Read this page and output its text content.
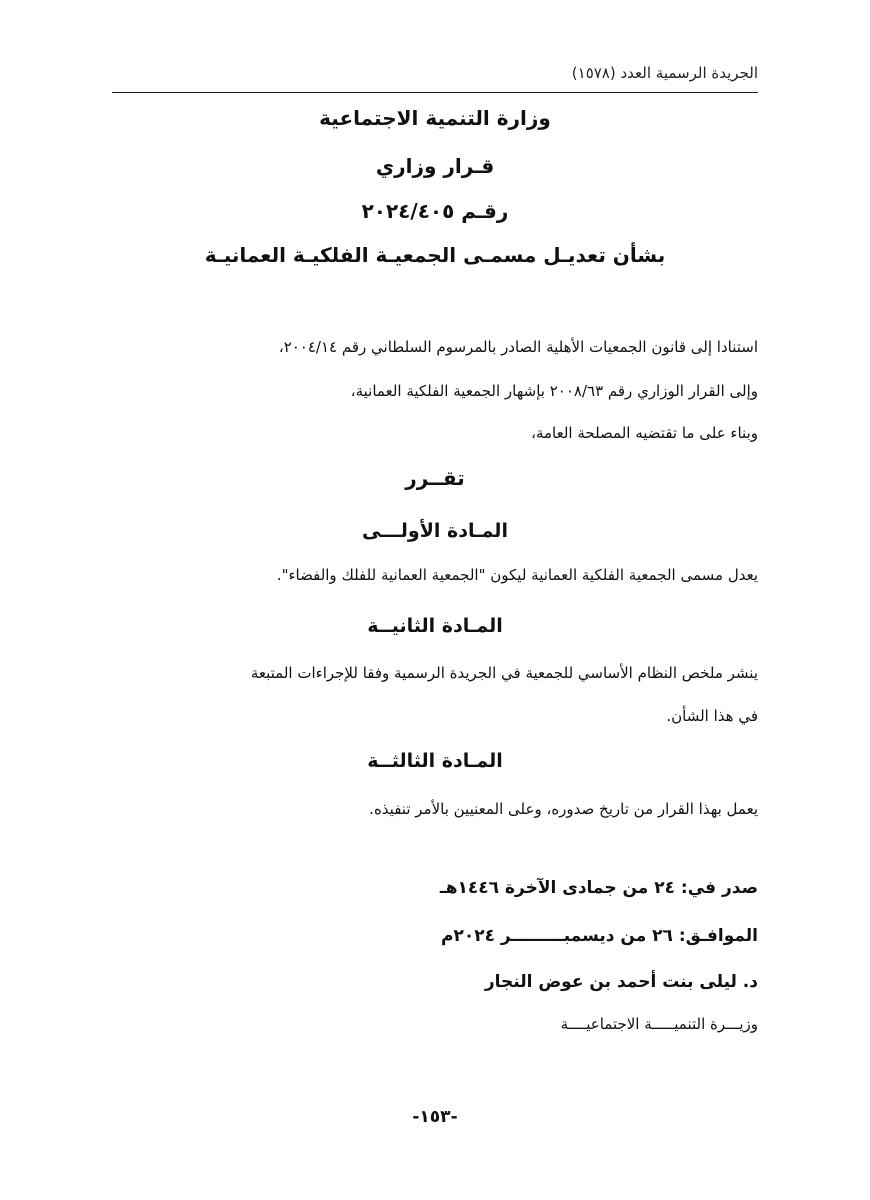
الجريدة الرسمية العدد (١٥٧٨)
وزارة التنمية الاجتماعية
قـرار وزاري
رقـم ٢٠٢٤/٤٠٥
بشأن تعديـل مسمـى الجمعيـة الفلكيـة العمانيـة
استنادا إلى قانون الجمعيات الأهلية الصادر بالمرسوم السلطاني رقم ٢٠٠٤/١٤،
وإلى القرار الوزاري رقم ٢٠٠٨/٦٣ بإشهار الجمعية الفلكية العمانية،
وبناء على ما تقتضيه المصلحة العامة،
تقــرر
المـادة الأولـــى
يعدل مسمى الجمعية الفلكية العمانية ليكون "الجمعية العمانية للفلك والفضاء".
المـادة الثانيــة
ينشر ملخص النظام الأساسي للجمعية في الجريدة الرسمية وفقا للإجراءات المتبعة
في هذا الشأن.
المـادة الثالثــة
يعمل بهذا القرار من تاريخ صدوره، وعلى المعنيين بالأمر تنفيذه.
صدر في: ٢٤ من جمادى الآخرة ١٤٤٦هـ
الموافـق: ٢٦ من ديسمبـــــــــر ٢٠٢٤م
د. ليلى بنت أحمد بن عوض النجار
وزيـــرة التنميـــــة الاجتماعيــــة
-١٥٣-
